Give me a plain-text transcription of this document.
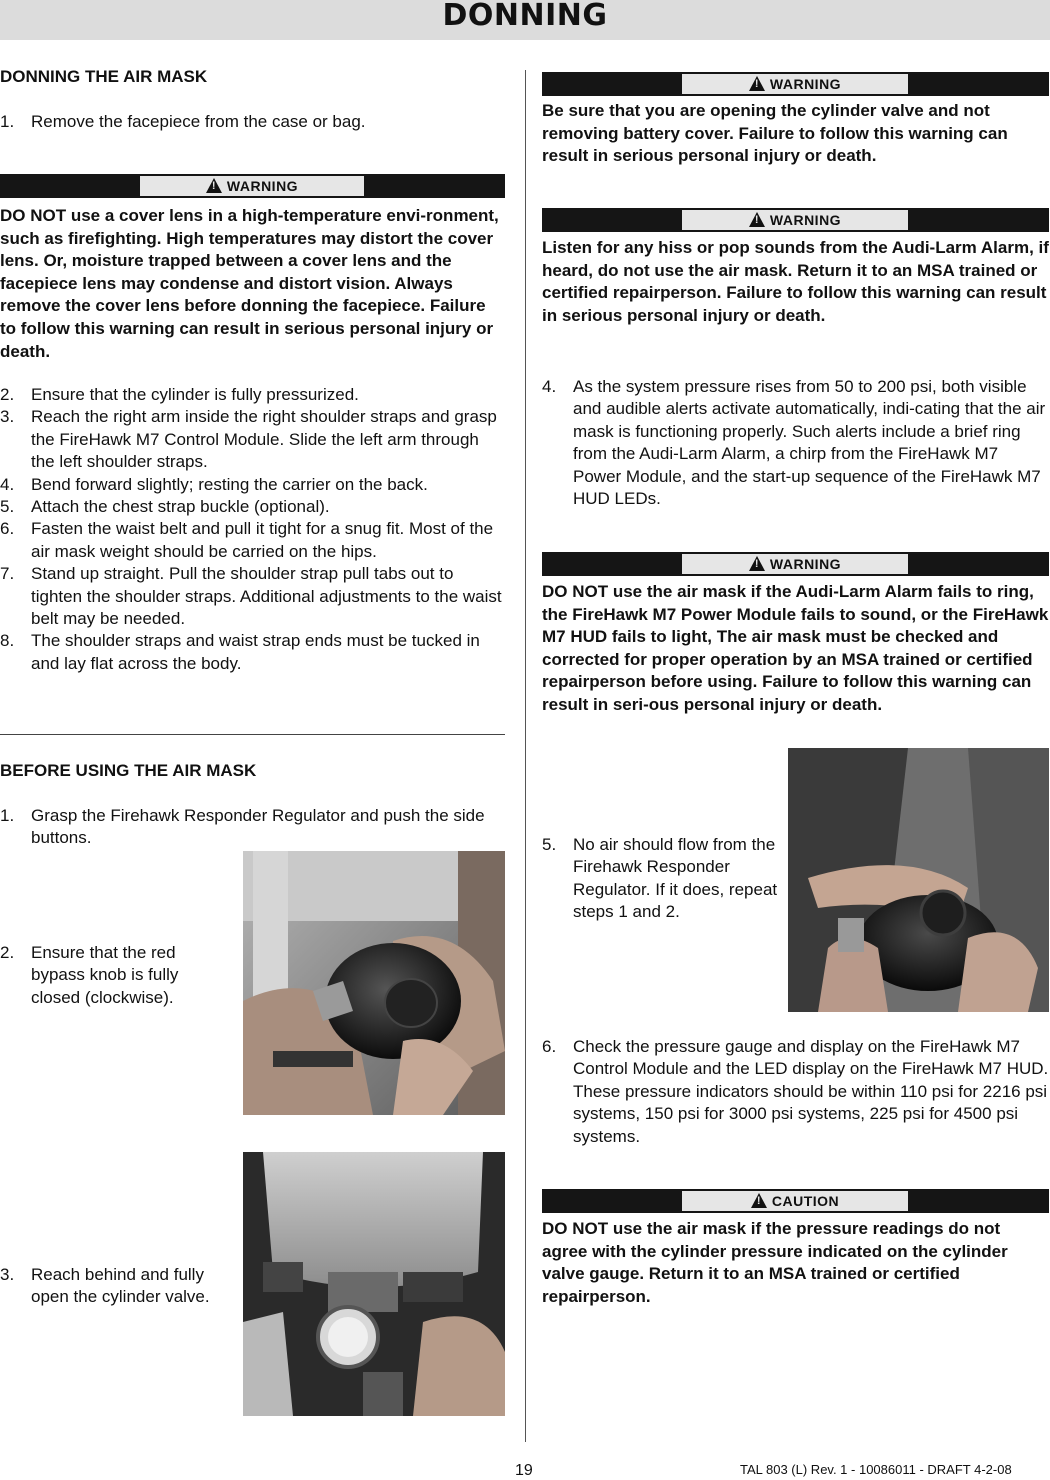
DONNING
DONNING THE AIR MASK
1. Remove the facepiece from the case or bag.
!WARNING
DO NOT use a cover lens in a high-temperature envi-ronment, such as firefighting. High temperatures may distort the cover lens. Or, moisture trapped between a cover lens and the facepiece lens may condense and distort vision. Always remove the cover lens before donning the facepiece. Failure to follow this warning can result in serious personal injury or death.
2. Ensure that the cylinder is fully pressurized.
3. Reach the right arm inside the right shoulder straps and grasp the FireHawk M7 Control Module. Slide the left arm through the left shoulder straps.
4. Bend forward slightly; resting the carrier on the back.
5. Attach the chest strap buckle (optional).
6. Fasten the waist belt and pull it tight for a snug fit. Most of the air mask weight should be carried on the hips.
7. Stand up straight. Pull the shoulder strap pull tabs out to tighten the shoulder straps. Additional adjustments to the waist belt may be needed.
8. The shoulder straps and waist strap ends must be tucked in and lay flat across the body.
BEFORE USING THE AIR MASK
1. Grasp the Firehawk Responder Regulator and push the side buttons.
2. Ensure that the red bypass knob is fully closed (clockwise).
3. Reach behind and fully open the cylinder valve.
!WARNING
Be sure that you are opening the cylinder valve and not removing battery cover. Failure to follow this warning can result in serious personal injury or death.
!WARNING
Listen for any hiss or pop sounds from the Audi-Larm Alarm, if heard, do not use the air mask. Return it to an MSA trained or certified repairperson. Failure to follow this warning can result in serious personal injury or death.
4. As the system pressure rises from 50 to 200 psi, both visible and audible alerts activate automatically, indi-cating that the air mask is functioning properly. Such alerts include a brief ring from the Audi-Larm Alarm, a chirp from the FireHawk M7 Power Module, and the start-up sequence of the FireHawk M7 HUD LEDs.
!WARNING
DO NOT use the air mask if the Audi-Larm Alarm fails to ring, the FireHawk M7 Power Module fails to sound, or the FireHawk M7 HUD fails to light, The air mask must be checked and corrected for proper operation by an MSA trained or certified repairperson before using. Failure to follow this warning can result in seri-ous personal injury or death.
5. No air should flow from the Firehawk Responder Regulator. If it does, repeat steps 1 and 2.
6. Check the pressure gauge and display on the FireHawk M7 Control Module and the LED display on the FireHawk M7 HUD. These pressure indicators should be within 110 psi for 2216 psi systems, 150 psi for 3000 psi systems, 225 psi for 4500 psi systems.
!CAUTION
DO NOT use the air mask if the pressure readings do not agree with the cylinder pressure indicated on the cylinder valve gauge. Return it to an MSA trained or certified repairperson.
19	TAL 803 (L) Rev. 1 - 10086011 - DRAFT 4-2-08
